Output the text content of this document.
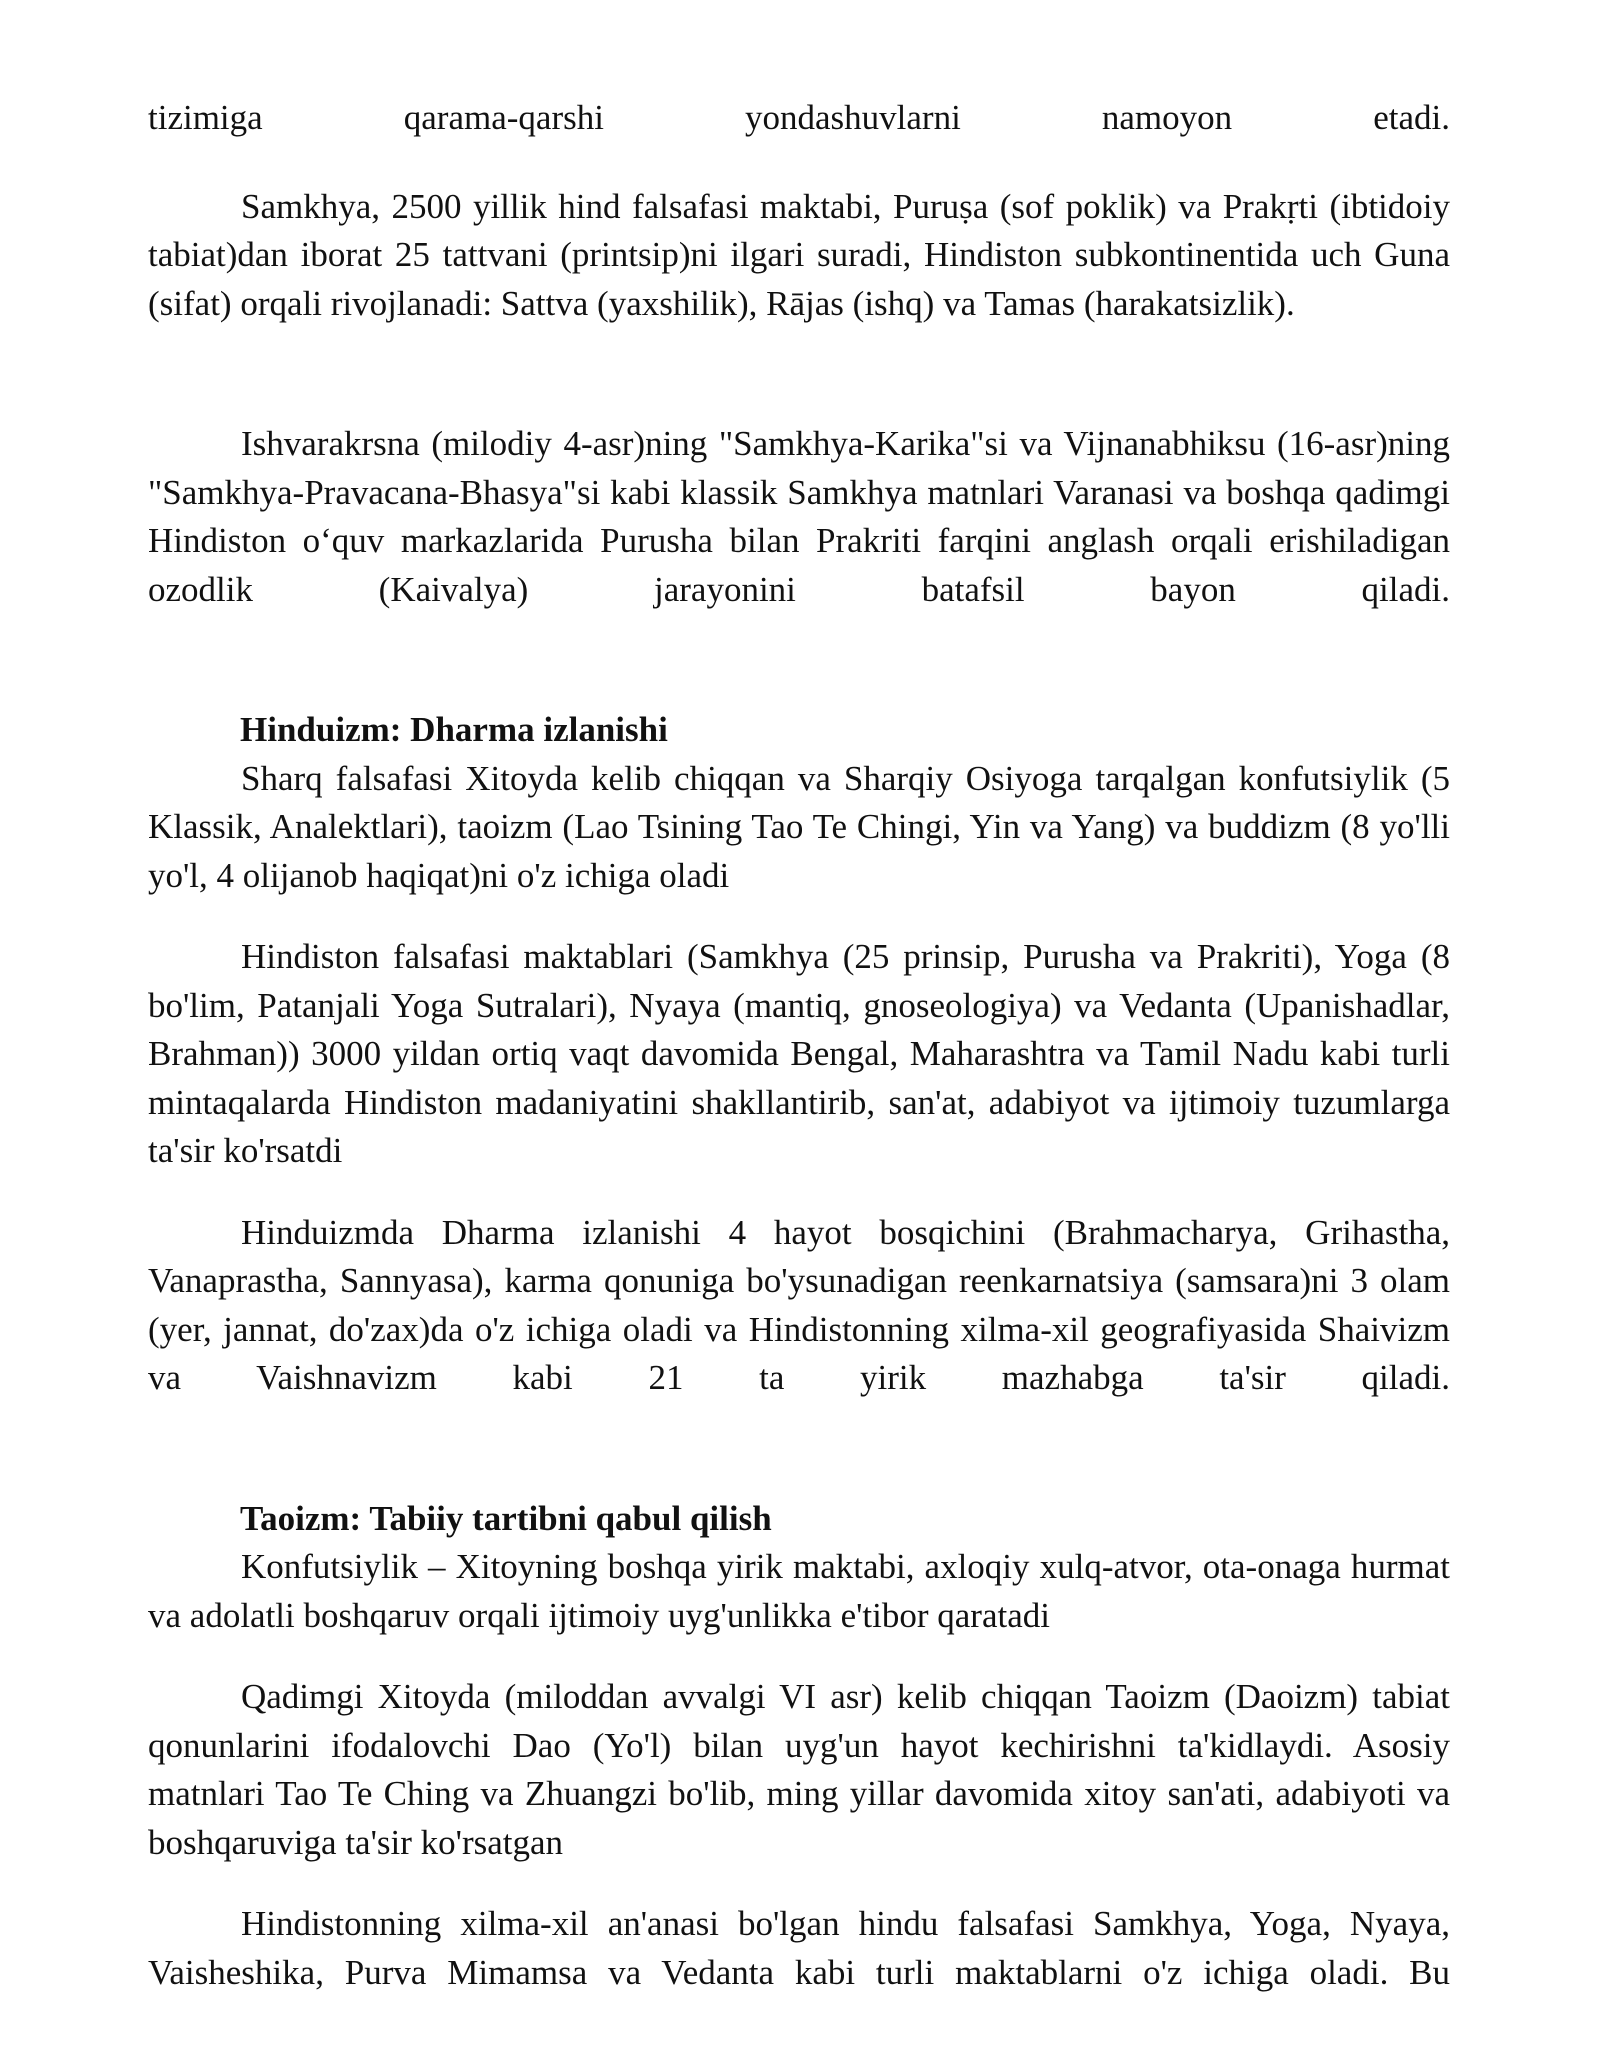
tizimiga qarama-qarshi yondashuvlarni namoyon etadi.

Samkhya, 2500 yillik hind falsafasi maktabi, Puruṣa (sof poklik) va Prakṛti (ibtidoiy tabiat)dan iborat 25 tattvani (printsip)ni ilgari suradi, Hindiston subkontinentida uch Guna (sifat) orqali rivojlanadi: Sattva (yaxshilik), Rājas (ishq) va Tamas (harakatsizlik).

Ishvarakrsna (milodiy 4-asr)ning "Samkhya-Karika"si va Vijnanabhiksu (16-asr)ning "Samkhya-Pravacana-Bhasya"si kabi klassik Samkhya matnlari Varanasi va boshqa qadimgi Hindiston o‘quv markazlarida Purusha bilan Prakriti farqini anglash orqali erishiladigan ozodlik (Kaivalya) jarayonini batafsil bayon qiladi.

Hinduizm: Dharma izlanishi

Sharq falsafasi Xitoyda kelib chiqqan va Sharqiy Osiyoga tarqalgan konfutsiylik (5 Klassik, Analektlari), taoizm (Lao Tsining Tao Te Chingi, Yin va Yang) va buddizm (8 yo'lli yo'l, 4 olijanob haqiqat)ni o'z ichiga oladi

Hindiston falsafasi maktablari (Samkhya (25 prinsip, Purusha va Prakriti), Yoga (8 bo'lim, Patanjali Yoga Sutralari), Nyaya (mantiq, gnoseologiya) va Vedanta (Upanishadlar, Brahman)) 3000 yildan ortiq vaqt davomida Bengal, Maharashtra va Tamil Nadu kabi turli mintaqalarda Hindiston madaniyatini shakllantirib, san'at, adabiyot va ijtimoiy tuzumlarga ta'sir ko'rsatdi

Hinduizmda Dharma izlanishi 4 hayot bosqichini (Brahmacharya, Grihastha, Vanaprastha, Sannyasa), karma qonuniga bo'ysunadigan reenkarnatsiya (samsara)ni 3 olam (yer, jannat, do'zax)da o'z ichiga oladi va Hindistonning xilma-xil geografiyasida Shaivizm va Vaishnavizm kabi 21 ta yirik mazhabga ta'sir qiladi.

Taoizm: Tabiiy tartibni qabul qilish

Konfutsiylik – Xitoyning boshqa yirik maktabi, axloqiy xulq-atvor, ota-onaga hurmat va adolatli boshqaruv orqali ijtimoiy uyg'unlikka e'tibor qaratadi

Qadimgi Xitoyda (miloddan avvalgi VI asr) kelib chiqqan Taoizm (Daoizm) tabiat qonunlarini ifodalovchi Dao (Yo'l) bilan uyg'un hayot kechirishni ta'kidlaydi. Asosiy matnlari Tao Te Ching va Zhuangzi bo'lib, ming yillar davomida xitoy san'ati, adabiyoti va boshqaruviga ta'sir ko'rsatgan

Hindistonning xilma-xil an'anasi bo'lgan hindu falsafasi Samkhya, Yoga, Nyaya, Vaisheshika, Purva Mimamsa va Vedanta kabi turli maktablarni o'z ichiga oladi. Bu
